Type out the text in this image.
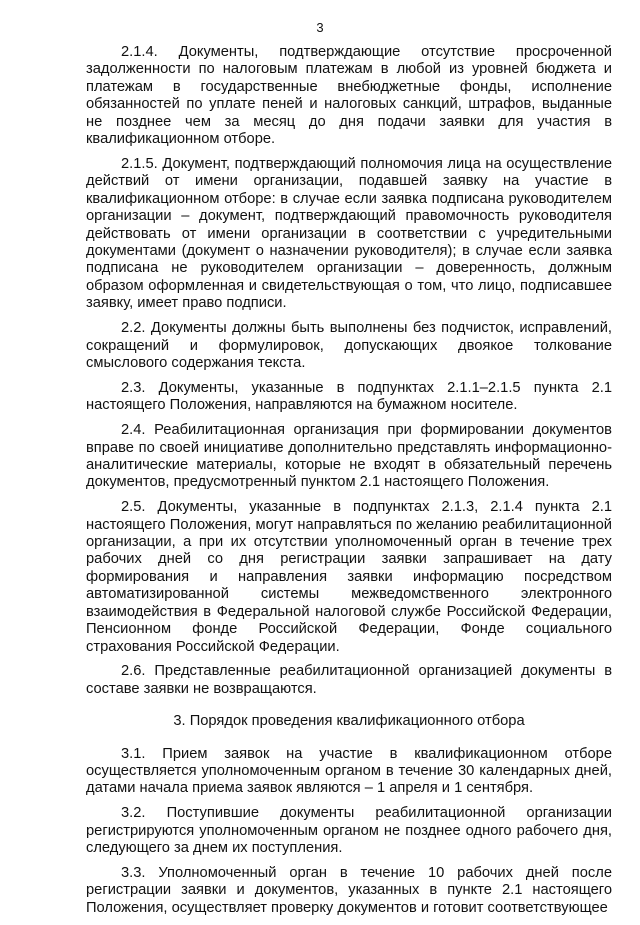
3

2.1.4. Документы, подтверждающие отсутствие просроченной задолженности по налоговым платежам в любой из уровней бюджета и платежам в государственные внебюджетные фонды, исполнение обязанностей по уплате пеней и налоговых санкций, штрафов, выданные не позднее чем за месяц до дня подачи заявки для участия в квалификационном отборе.

2.1.5. Документ, подтверждающий полномочия лица на осуществление действий от имени организации, подавшей заявку на участие в квалификационном отборе: в случае если заявка подписана руководителем организации – документ, подтверждающий правомочность руководителя действовать от имени организации в соответствии с учредительными документами (документ о назначении руководителя); в случае если заявка подписана не руководителем организации – доверенность, должным образом оформленная и свидетельствующая о том, что лицо, подписавшее заявку, имеет право подписи.

2.2. Документы должны быть выполнены без подчисток, исправлений, сокращений и формулировок, допускающих двоякое толкование смыслового содержания текста.

2.3. Документы, указанные в подпунктах 2.1.1–2.1.5 пункта 2.1 настоящего Положения, направляются на бумажном носителе.

2.4. Реабилитационная организация при формировании документов вправе по своей инициативе дополнительно представлять информационно-аналитические материалы, которые не входят в обязательный перечень документов, предусмотренный пунктом 2.1 настоящего Положения.

2.5. Документы, указанные в подпунктах 2.1.3, 2.1.4 пункта 2.1 настоящего Положения, могут направляться по желанию реабилитационной организации, а при их отсутствии уполномоченный орган в течение трех рабочих дней со дня регистрации заявки запрашивает на дату формирования и направления заявки информацию посредством автоматизированной системы межведомственного электронного взаимодействия в Федеральной налоговой службе Российской Федерации, Пенсионном фонде Российской Федерации, Фонде социального страхования Российской Федерации.

2.6. Представленные реабилитационной организацией документы в составе заявки не возвращаются.

3. Порядок проведения квалификационного отбора

3.1. Прием заявок на участие в квалификационном отборе осуществляется уполномоченным органом в течение 30 календарных дней, датами начала приема заявок являются – 1 апреля и 1 сентября.

3.2. Поступившие документы реабилитационной организации регистрируются уполномоченным органом не позднее одного рабочего дня, следующего за днем их поступления.

3.3. Уполномоченный орган в течение 10 рабочих дней после регистрации заявки и документов, указанных в пункте 2.1 настоящего Положения, осуществляет проверку документов и готовит соответствующее
